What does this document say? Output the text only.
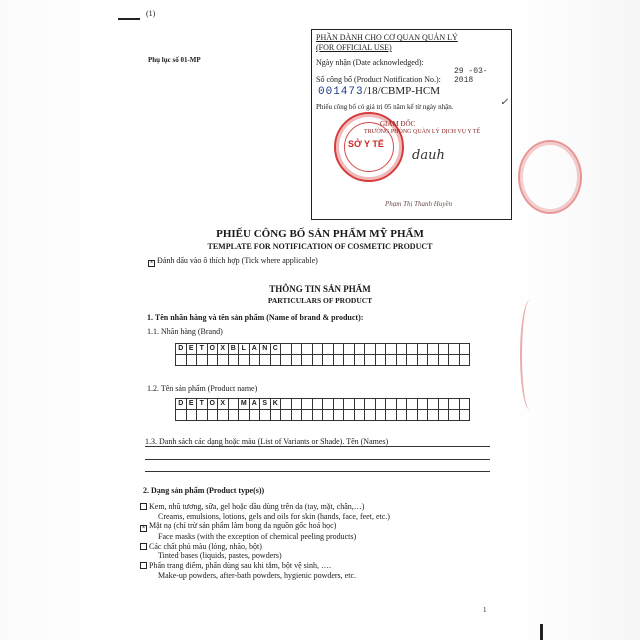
(1)
Phụ lục số 01-MP
PHẦN DÀNH CHO CƠ QUAN QUẢN LÝ
(FOR OFFICIAL USE)
Ngày nhận (Date acknowledged):
29 -03- 2018
Số công bố (Product Notification No.):
001473/18/CBMP-HCM
Phiếu công bố có giá trị 05 năm kể từ ngày nhận.	✓
SỞ Y TẾ
GIÁM ĐỐC
TRƯỞNG PHÒNG QUẢN LÝ DỊCH VỤ Y TẾ
dauh
Phạm Thị Thanh Huyền
PHIẾU CÔNG BỐ SẢN PHẨM MỸ PHẨM
TEMPLATE FOR NOTIFICATION OF COSMETIC PRODUCT
× Đánh dấu vào ô thích hợp (Tick where applicable)
THÔNG TIN SẢN PHẨM
PARTICULARS OF PRODUCT
1. Tên nhãn hàng và tên sản phẩm (Name of brand & product):
1.1. Nhãn hàng (Brand)
D E T O X B L A N C
1.2. Tên sản phẩm (Product name)
D E T O X	M A S K
1.3. Danh sách các dạng hoặc màu (List of Variants or Shade). Tên (Names)
2. Dạng sản phẩm (Product type(s))
Kem, nhũ tương, sữa, gel hoặc dầu dùng trên da (tay, mặt, chân,…)
Creams, emulsions, lotions, gels and oils for skin (hands, face, feet, etc.)
× Mặt nạ (chỉ trừ sản phẩm làm bong da nguồn gốc hoá học)
Face masks (with the exception of chemical peeling products)
Các chất phủ màu (lỏng, nhão, bột)
Tinted bases (liquids, pastes, powders)
Phấn trang điểm, phấn dùng sau khi tắm, bột vệ sinh, ….
Make-up powders, after-bath powders, hygienic powders, etc.
1
